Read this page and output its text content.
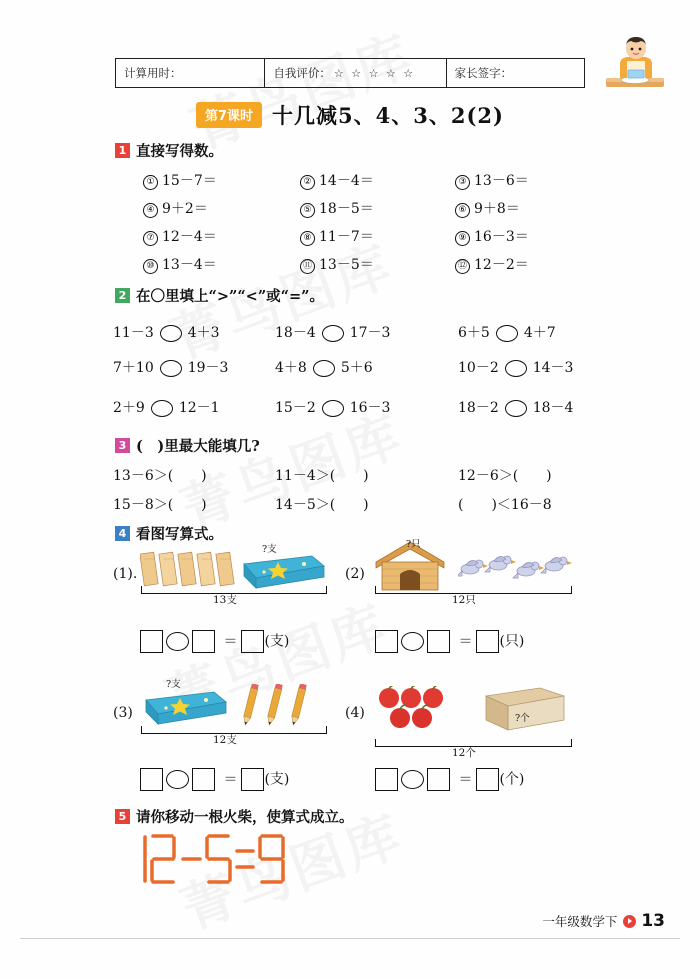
计算用时：	自我评价： ☆ ☆ ☆ ☆ ☆	家长签字：
第7课时 十几减5、4、3、2(2)
1 直接写得数。
① 15－7＝	② 14－4＝	③ 13－6＝
④ 9＋2＝	⑤ 18－5＝	⑥ 9＋8＝
⑦ 12－4＝	⑧ 11－7＝	⑨ 16－3＝
⑩ 13－4＝	⑪ 13－5＝	⑫ 12－2＝
2 在〇里填上“>”“<”或“=”。
11－3 4＋3	18－4 17－3	6＋5 4＋7
7＋10 19－3	4＋8 5＋6	10－2 14－3
2＋9 12－1	15－2 16－3	18－2 18－4
3 (　)里最大能填几?
13－6＞(　　)	11－4＞(　　)	12－6＞(　　)
15－8＞(　　)	14－5＞(　　)	(　　)＜16－8
4 看图写算式。
(1).
?支
13支
＝ (支)
(2)
?只
12只
＝ (只)
(3)
?支
12支
＝ (支)
(4)	?个
12个
＝ (个)
5 请你移动一根火柴，使算式成立。
一年级数学下 13
